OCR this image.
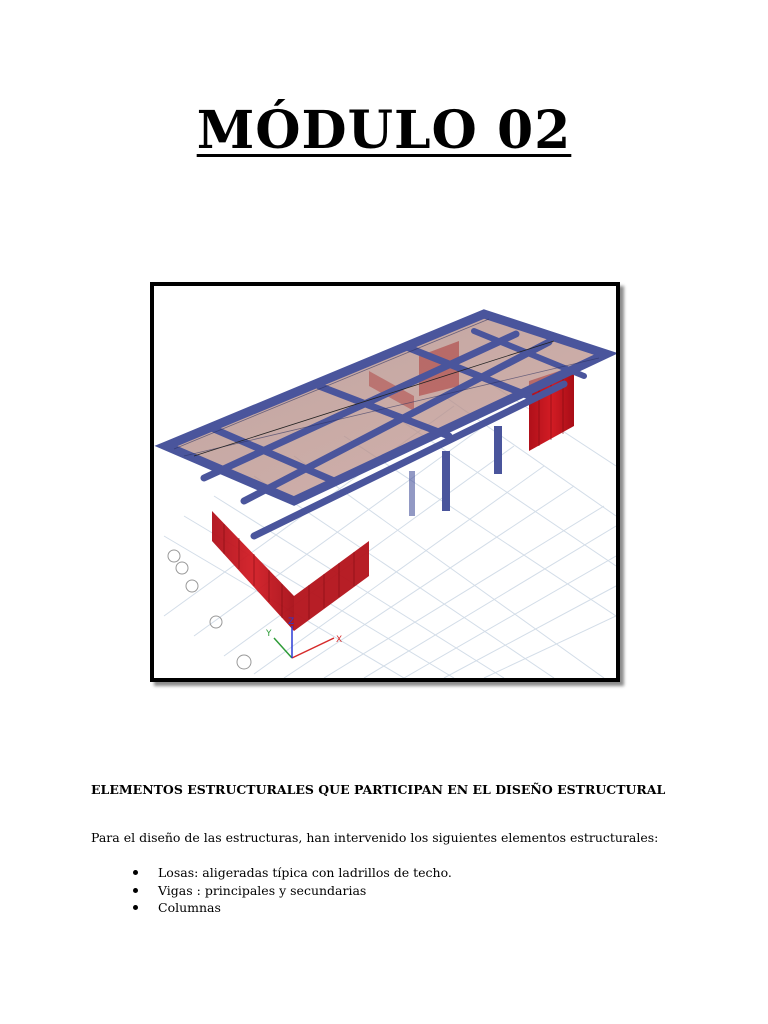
MÓDULO 02
X
Y
Z

ELEMENTOS ESTRUCTURALES QUE PARTICIPAN EN EL DISEÑO ESTRUCTURAL

Para el diseño de las estructuras, han intervenido los siguientes elementos estructurales:

Losas: aligeradas típica con ladrillos de techo.
Vigas : principales y secundarias
Columnas
